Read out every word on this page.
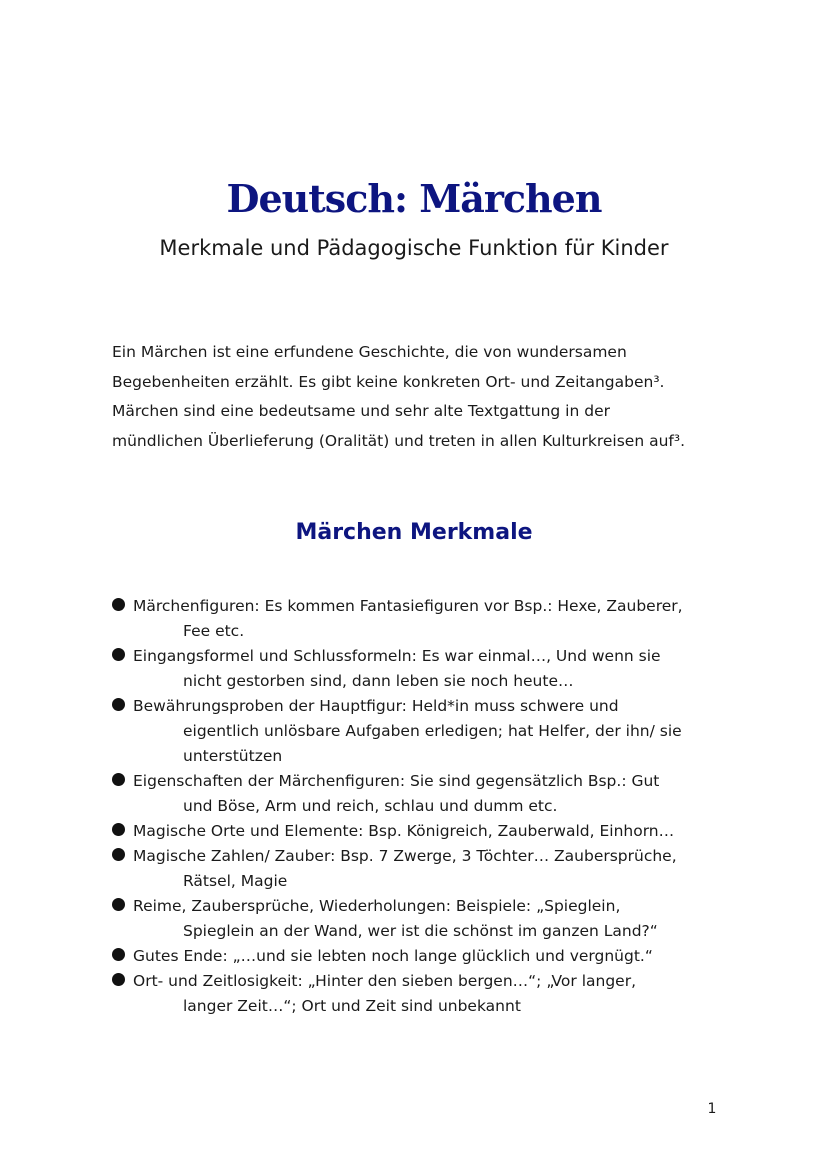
Deutsch: Märchen

Merkmale und Pädagogische Funktion für Kinder

Ein Märchen ist eine erfundene Geschichte, die von wundersamen
Begebenheiten erzählt. Es gibt keine konkreten Ort- und Zeitangaben³.
Märchen sind eine bedeutsame und sehr alte Textgattung in der
mündlichen Überlieferung (Oralität) und treten in allen Kulturkreisen auf³.

Märchen Merkmale
Märchenfiguren: Es kommen Fantasiefiguren vor Bsp.: Hexe, Zauberer,
Fee etc.
Eingangsformel und Schlussformeln: Es war einmal…, Und wenn sie
nicht gestorben sind, dann leben sie noch heute…
Bewährungsproben der Hauptfigur: Held*in muss schwere und
eigentlich unlösbare Aufgaben erledigen; hat Helfer, der ihn/ sie
unterstützen
Eigenschaften der Märchenfiguren: Sie sind gegensätzlich Bsp.: Gut
und Böse, Arm und reich, schlau und dumm etc.
Magische Orte und Elemente: Bsp. Königreich, Zauberwald, Einhorn…
Magische Zahlen/ Zauber: Bsp. 7 Zwerge, 3 Töchter… Zaubersprüche,
Rätsel, Magie
Reime, Zaubersprüche, Wiederholungen: Beispiele: „Spieglein,
Spieglein an der Wand, wer ist die schönst im ganzen Land?“
Gutes Ende: „…und sie lebten noch lange glücklich und vergnügt.“
Ort- und Zeitlosigkeit: „Hinter den sieben bergen…“; „Vor langer,
langer Zeit…“; Ort und Zeit sind unbekannt

1
